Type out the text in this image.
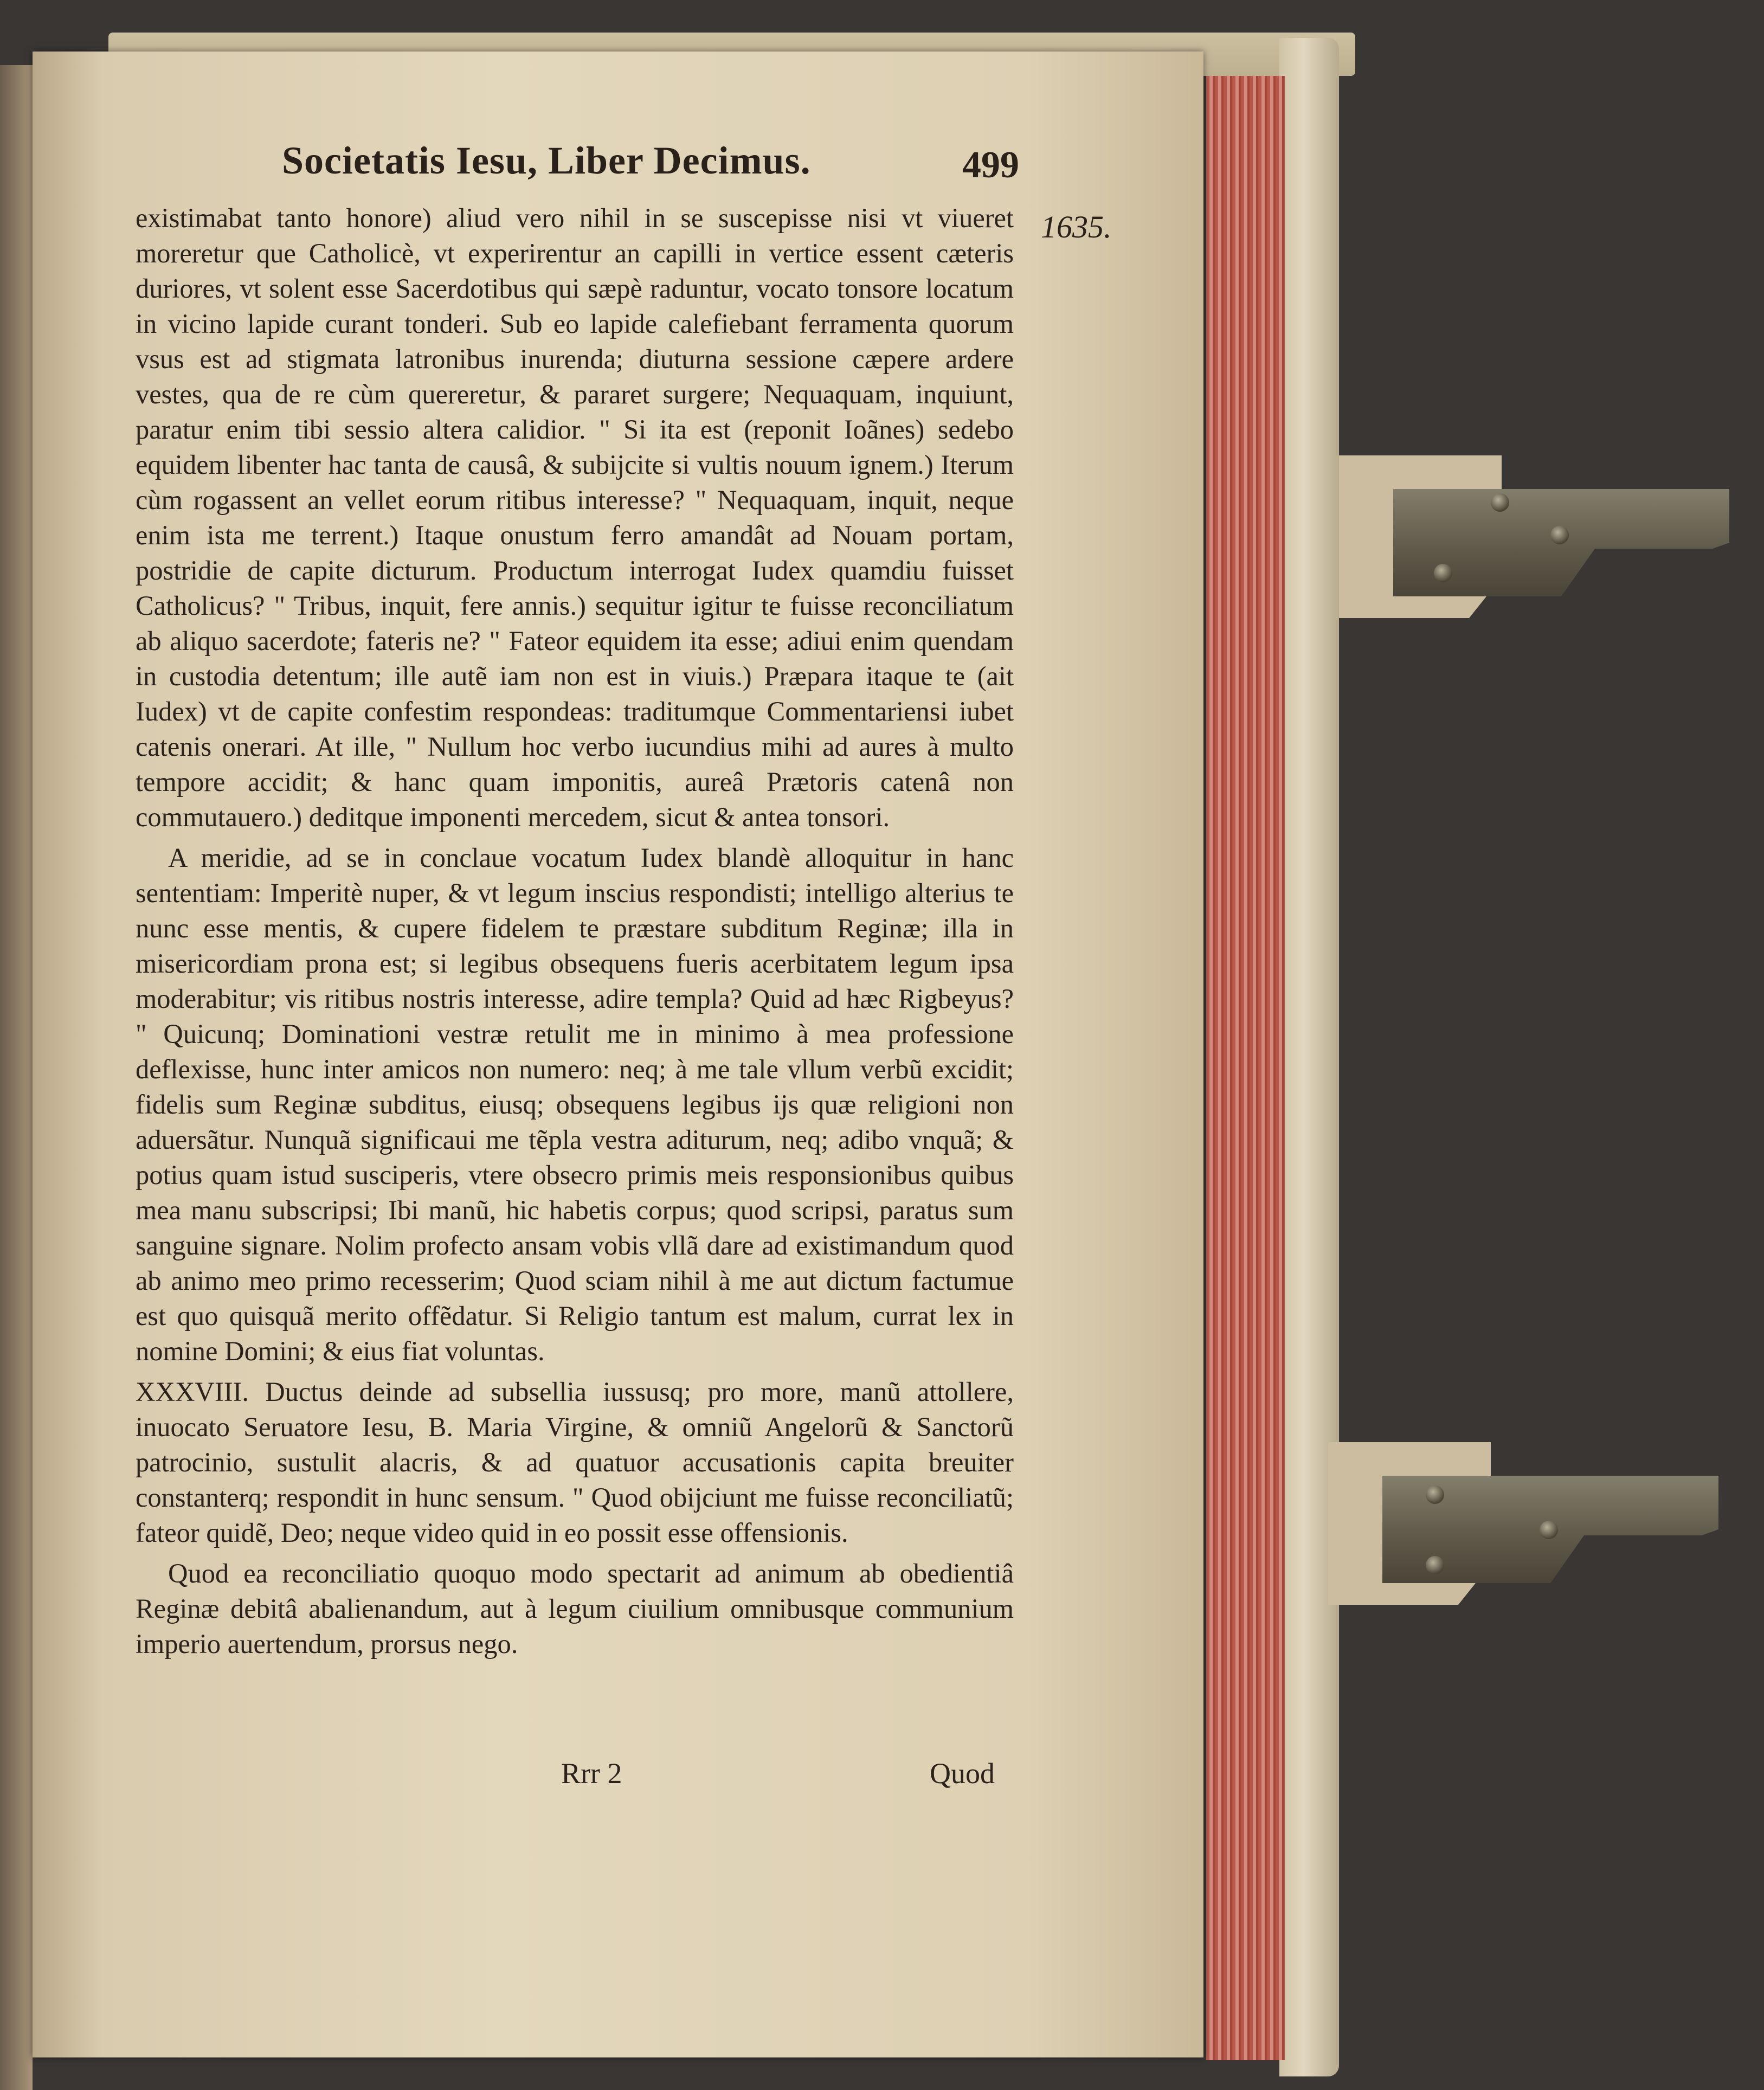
Societatis Iesu, Liber Decimus.	499
1635.

existimabat tanto honore) aliud vero nihil in se suscepisse nisi vt viueret moreretur que Catholicè, vt experirentur an capilli in vertice essent cæteris duriores, vt solent esse Sacerdotibus qui sæpè raduntur, vocato tonsore locatum in vicino lapide curant tonderi. Sub eo lapide calefiebant ferramenta quorum vsus est ad stigmata latronibus inurenda; diuturna sessione cæpere ardere vestes, qua de re cùm quereretur, & pararet surgere; Nequaquam, inquiunt, paratur enim tibi sessio altera calidior. " Si ita est (reponit Ioãnes) sedebo equidem libenter hac tanta de causâ, & subijcite si vultis nouum ignem.) Iterum cùm rogassent an vellet eorum ritibus interesse? " Nequaquam, inquit, neque enim ista me terrent.) Itaque onustum ferro amandât ad Nouam portam, postridie de capite dicturum. Productum interrogat Iudex quamdiu fuisset Catholicus? " Tribus, inquit, fere annis.) sequitur igitur te fuisse reconciliatum ab aliquo sacerdote; fateris ne? " Fateor equidem ita esse; adiui enim quendam in custodia detentum; ille autẽ iam non est in viuis.) Præpara itaque te (ait Iudex) vt de capite confestim respondeas: traditumque Commentariensi iubet catenis onerari. At ille, " Nullum hoc verbo iucundius mihi ad aures à multo tempore accidit; & hanc quam imponitis, aureâ Prætoris catenâ non commutauero.) deditque imponenti mercedem, sicut & antea tonsori.

A meridie, ad se in conclaue vocatum Iudex blandè alloquitur in hanc sententiam: Imperitè nuper, & vt legum inscius respondisti; intelligo alterius te nunc esse mentis, & cupere fidelem te præstare subditum Reginæ; illa in misericordiam prona est; si legibus obsequens fueris acerbitatem legum ipsa moderabitur; vis ritibus nostris interesse, adire templa? Quid ad hæc Rigbeyus? " Quicunq; Dominationi vestræ retulit me in minimo à mea professione deflexisse, hunc inter amicos non numero: neq; à me tale vllum verbũ excidit; fidelis sum Reginæ subditus, eiusq; obsequens legibus ijs quæ religioni non aduersãtur. Nunquã significaui me tẽpla vestra aditurum, neq; adibo vnquã; & potius quam istud susciperis, vtere obsecro primis meis responsionibus quibus mea manu subscripsi; Ibi manũ, hic habetis corpus; quod scripsi, paratus sum sanguine signare. Nolim profecto ansam vobis vllã dare ad existimandum quod ab animo meo primo recesserim; Quod sciam nihil à me aut dictum factumue est quo quisquã merito offẽdatur. Si Religio tantum est malum, currat lex in nomine Domini; & eius fiat voluntas.

XXXVIII. Ductus deinde ad subsellia iussusq; pro more, manũ attollere, inuocato Seruatore Iesu, B. Maria Virgine, & omniũ Angelorũ & Sanctorũ patrocinio, sustulit alacris, & ad quatuor accusationis capita breuiter constanterq; respondit in hunc sensum. " Quod obijciunt me fuisse reconciliatũ; fateor quidẽ, Deo; neque video quid in eo possit esse offensionis.

Quod ea reconciliatio quoquo modo spectarit ad animum ab obedientiâ Reginæ debitâ abalienandum, aut à legum ciuilium omnibusque communium imperio auertendum, prorsus nego.

Rrr 2	Quod
